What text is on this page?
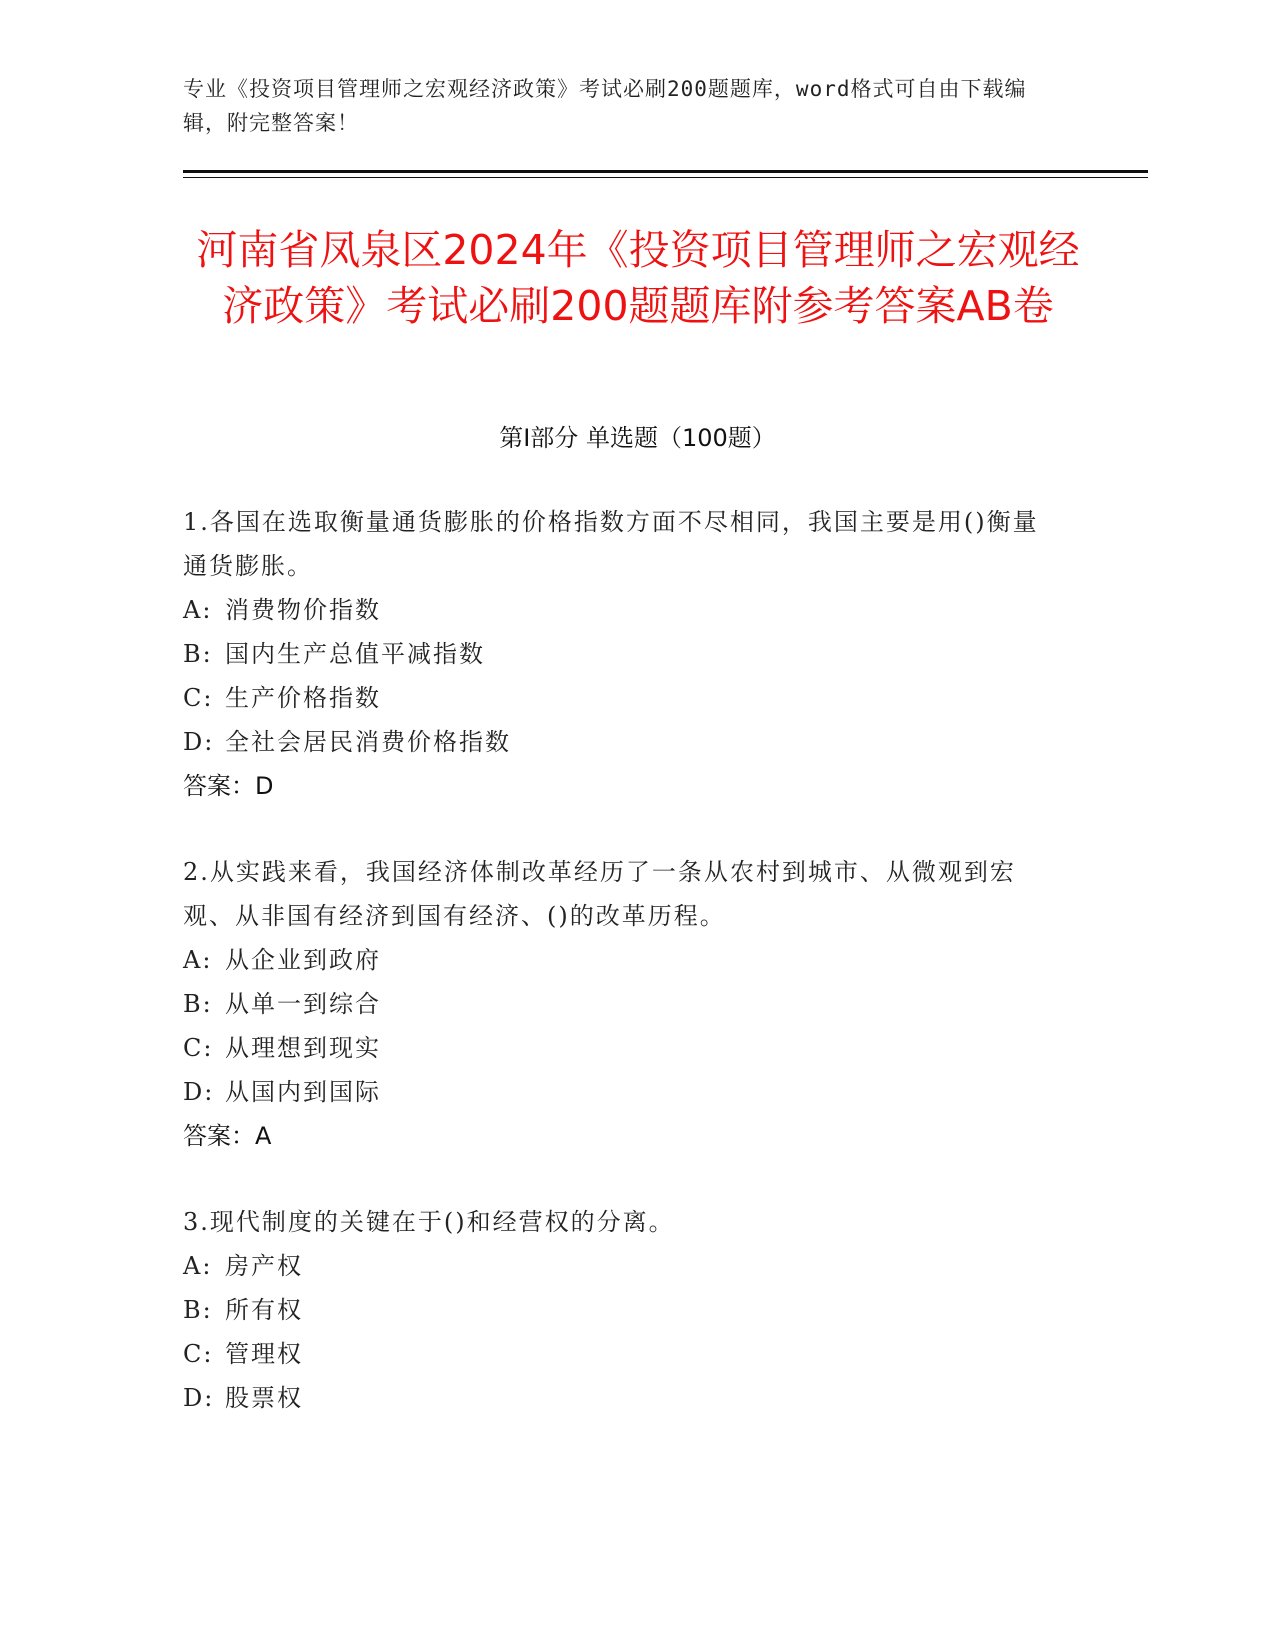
专业《投资项目管理师之宏观经济政策》考试必刷200题题库，word格式可自由下载编辑，附完整答案！
河南省凤泉区2024年《投资项目管理师之宏观经济政策》考试必刷200题题库附参考答案AB卷
第Ⅰ部分 单选题（100题）

1.各国在选取衡量通货膨胀的价格指数方面不尽相同，我国主要是用()衡量通货膨胀。

A: 消费物价指数

B: 国内生产总值平减指数

C: 生产价格指数

D: 全社会居民消费价格指数

答案：D

2.从实践来看，我国经济体制改革经历了一条从农村到城市、从微观到宏观、从非国有经济到国有经济、()的改革历程。

A: 从企业到政府

B: 从单一到综合

C: 从理想到现实

D: 从国内到国际

答案：A

3.现代制度的关键在于()和经营权的分离。

A: 房产权

B: 所有权

C: 管理权

D: 股票权
